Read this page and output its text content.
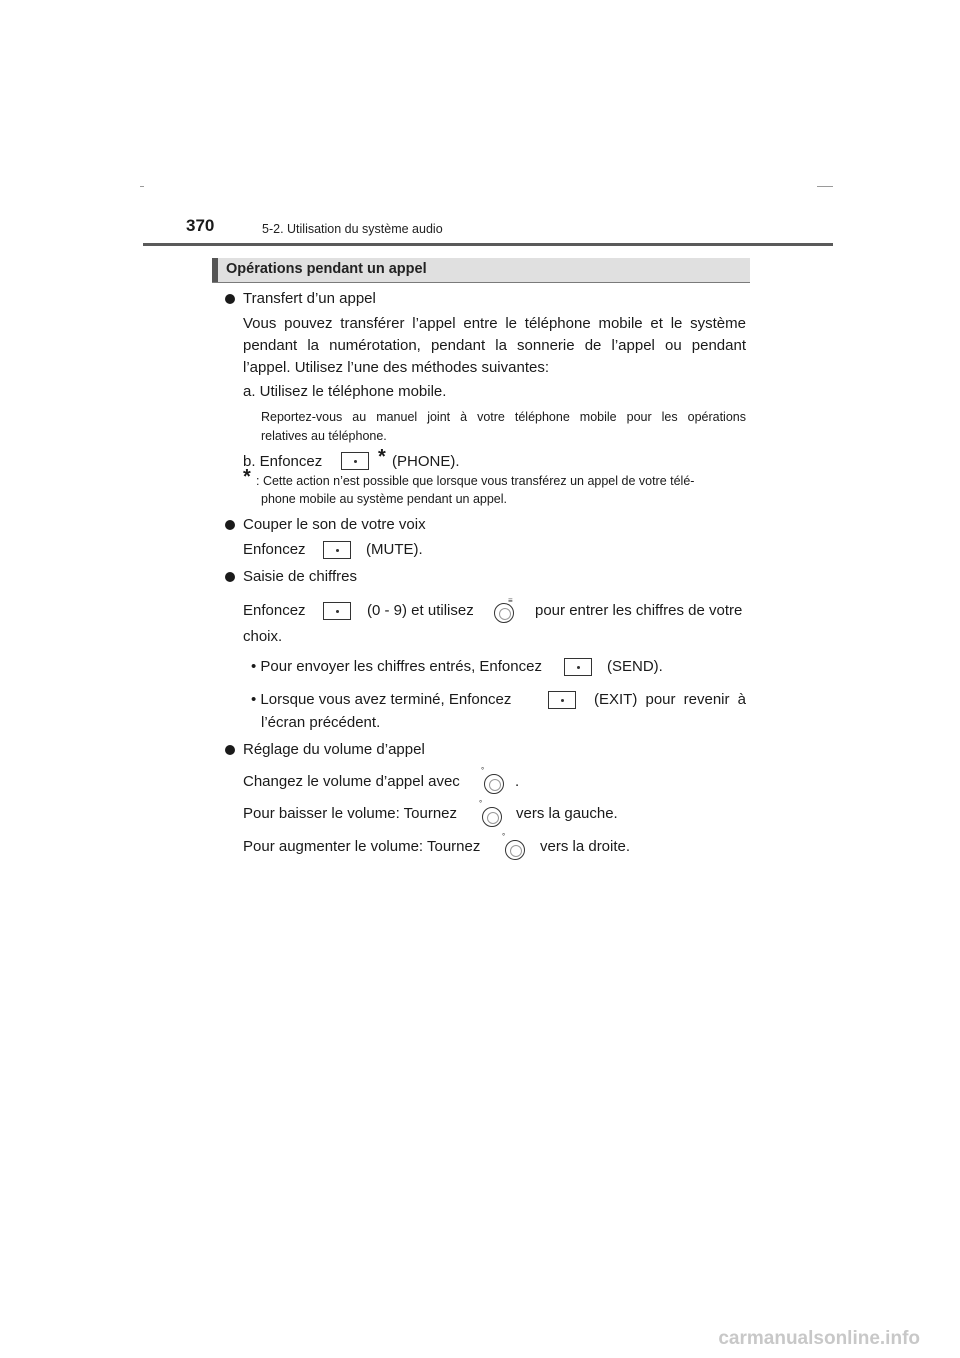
370	5-2. Utilisation du système audio
Opérations pendant un appel
Transfert d’un appel
Vous pouvez transférer l’appel entre le téléphone mobile et le système
pendant la numérotation, pendant la sonnerie de l’appel ou pendant
l’appel. Utilisez l’une des méthodes suivantes:
a. Utilisez le téléphone mobile.
Reportez-vous au manuel joint à votre téléphone mobile pour les opérations
relatives au téléphone.
b. Enfoncez	* (PHONE).
* : Cette action n’est possible que lorsque vous transférez un appel de votre télé-
phone mobile au système pendant un appel.
Couper le son de votre voix
Enfoncez	(MUTE).
Saisie de chiffres
Enfoncez	(0 - 9) et utilisez
≡
pour entrer les chiffres de votre
choix.
• Pour envoyer les chiffres entrés, Enfoncez	(SEND).
• Lorsque vous avez terminé, Enfoncez	(EXIT) pour revenir à
l’écran précédent.
Réglage du volume d’appel
Changez le volume d’appel avec
°
.
Pour baisser le volume: Tournez
°
vers la gauche.
Pour augmenter le volume: Tournez
°
vers la droite.
carmanualsonline.info
